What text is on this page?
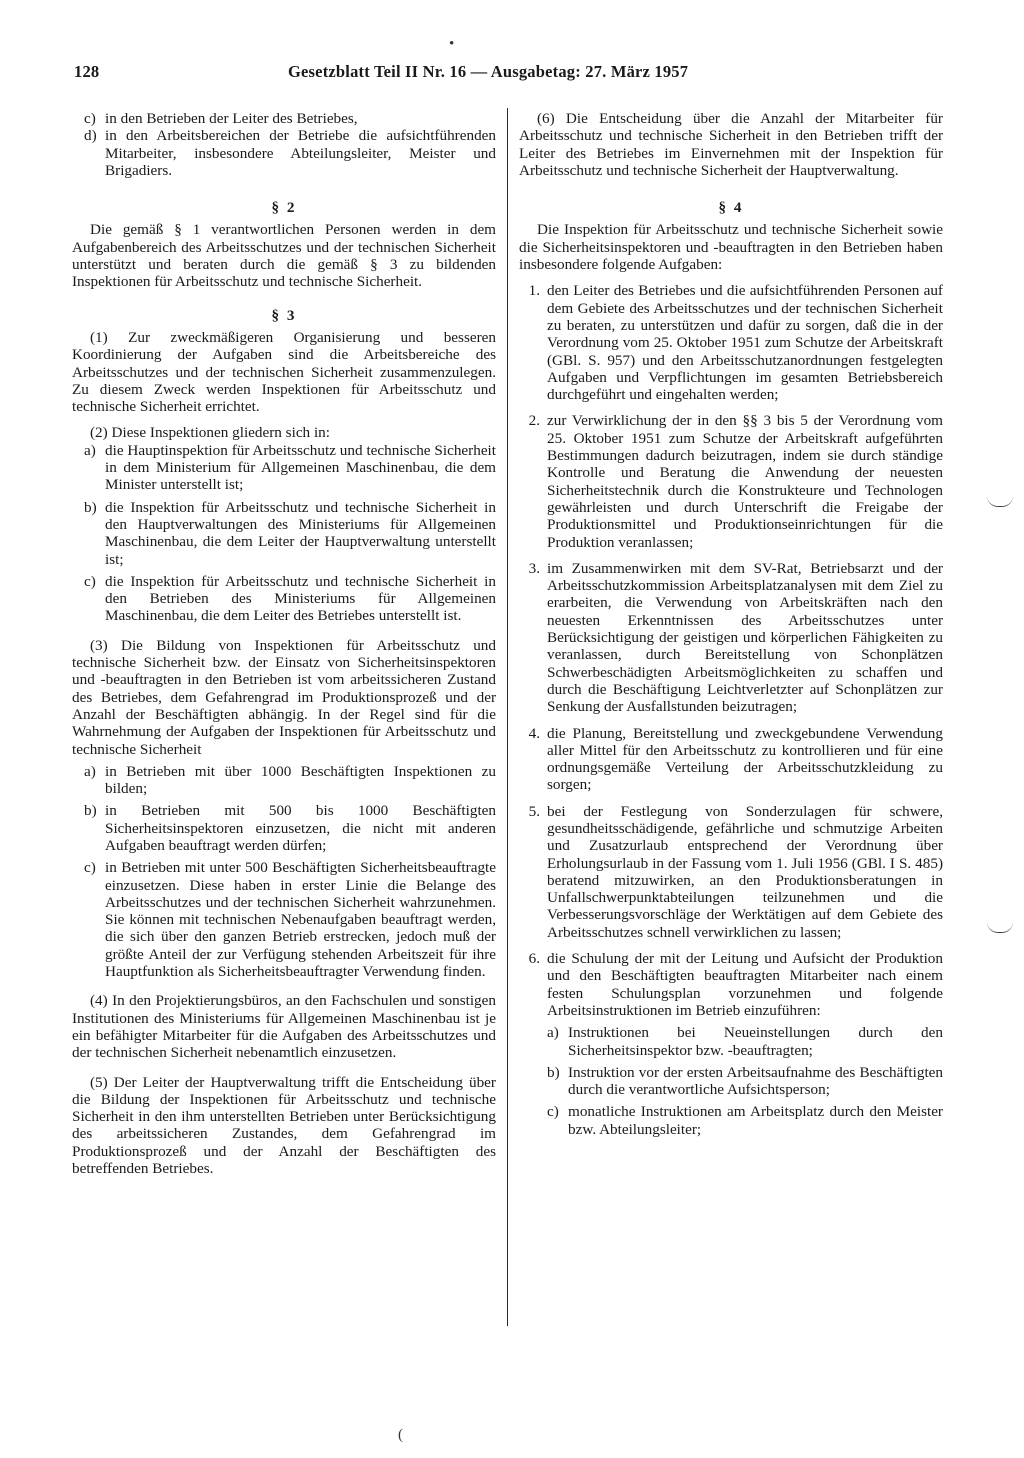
128	Gesetzblatt Teil II Nr. 16 — Ausgabetag: 27. März 1957
•
(
c) in den Betrieben der Leiter des Betriebes,
d) in den Arbeitsbereichen der Betriebe die aufsichtführenden Mitarbeiter, insbesondere Abteilungsleiter, Meister und Brigadiers.

§ 2

Die gemäß § 1 verantwortlichen Personen werden in dem Aufgabenbereich des Arbeitsschutzes und der technischen Sicherheit unterstützt und beraten durch die gemäß § 3 zu bildenden Inspektionen für Arbeitsschutz und technische Sicherheit.

§ 3

(1) Zur zweckmäßigeren Organisierung und besseren Koordinierung der Aufgaben sind die Arbeitsbereiche des Arbeitsschutzes und der technischen Sicherheit zusammenzulegen. Zu diesem Zweck werden Inspektionen für Arbeitsschutz und technische Sicherheit errichtet.

(2) Diese Inspektionen gliedern sich in:

a) die Hauptinspektion für Arbeitsschutz und technische Sicherheit in dem Ministerium für Allgemeinen Maschinenbau, die dem Minister unterstellt ist;
b) die Inspektion für Arbeitsschutz und technische Sicherheit in den Hauptverwaltungen des Ministeriums für Allgemeinen Maschinenbau, die dem Leiter der Hauptverwaltung unterstellt ist;
c) die Inspektion für Arbeitsschutz und technische Sicherheit in den Betrieben des Ministeriums für Allgemeinen Maschinenbau, die dem Leiter des Betriebes unterstellt ist.

(3) Die Bildung von Inspektionen für Arbeitsschutz und technische Sicherheit bzw. der Einsatz von Sicherheitsinspektoren und -beauftragten in den Betrieben ist vom arbeitssicheren Zustand des Betriebes, dem Gefahrengrad im Produktionsprozeß und der Anzahl der Beschäftigten abhängig. In der Regel sind für die Wahrnehmung der Aufgaben der Inspektionen für Arbeitsschutz und technische Sicherheit

a) in Betrieben mit über 1000 Beschäftigten Inspektionen zu bilden;
b) in Betrieben mit 500 bis 1000 Beschäftigten Sicherheitsinspektoren einzusetzen, die nicht mit anderen Aufgaben beauftragt werden dürfen;
c) in Betrieben mit unter 500 Beschäftigten Sicherheitsbeauftragte einzusetzen. Diese haben in erster Linie die Belange des Arbeitsschutzes und der technischen Sicherheit wahrzunehmen. Sie können mit technischen Nebenaufgaben beauftragt werden, die sich über den ganzen Betrieb erstrecken, jedoch muß der größte Anteil der zur Verfügung stehenden Arbeitszeit für ihre Hauptfunktion als Sicherheitsbeauftragter Verwendung finden.

(4) In den Projektierungsbüros, an den Fachschulen und sonstigen Institutionen des Ministeriums für Allgemeinen Maschinenbau ist je ein befähigter Mitarbeiter für die Aufgaben des Arbeitsschutzes und der technischen Sicherheit nebenamtlich einzusetzen.

(5) Der Leiter der Hauptverwaltung trifft die Entscheidung über die Bildung der Inspektionen für Arbeitsschutz und technische Sicherheit in den ihm unterstellten Betrieben unter Berücksichtigung des arbeitssicheren Zustandes, dem Gefahrengrad im Produktionsprozeß und der Anzahl der Beschäftigten des betreffenden Betriebes.

(6) Die Entscheidung über die Anzahl der Mitarbeiter für Arbeitsschutz und technische Sicherheit in den Betrieben trifft der Leiter des Betriebes im Einvernehmen mit der Inspektion für Arbeitsschutz und technische Sicherheit der Hauptverwaltung.

§ 4

Die Inspektion für Arbeitsschutz und technische Sicherheit sowie die Sicherheitsinspektoren und -beauftragten in den Betrieben haben insbesondere folgende Aufgaben:

1. den Leiter des Betriebes und die aufsichtführenden Personen auf dem Gebiete des Arbeitsschutzes und der technischen Sicherheit zu beraten, zu unterstützen und dafür zu sorgen, daß die in der Verordnung vom 25. Oktober 1951 zum Schutze der Arbeitskraft (GBl. S. 957) und den Arbeitsschutzanordnungen festgelegten Aufgaben und Verpflichtungen im gesamten Betriebsbereich durchgeführt und eingehalten werden;
2. zur Verwirklichung der in den §§ 3 bis 5 der Verordnung vom 25. Oktober 1951 zum Schutze der Arbeitskraft aufgeführten Bestimmungen dadurch beizutragen, indem sie durch ständige Kontrolle und Beratung die Anwendung der neuesten Sicherheitstechnik durch die Konstrukteure und Technologen gewährleisten und durch Unterschrift die Freigabe der Produktionsmittel und Produktionseinrichtungen für die Produktion veranlassen;
3. im Zusammenwirken mit dem SV-Rat, Betriebsarzt und der Arbeitsschutzkommission Arbeitsplatzanalysen mit dem Ziel zu erarbeiten, die Verwendung von Arbeitskräften nach den neuesten Erkenntnissen des Arbeitsschutzes unter Berücksichtigung der geistigen und körperlichen Fähigkeiten zu veranlassen, durch Bereitstellung von Schonplätzen Schwerbeschädigten Arbeitsmöglichkeiten zu schaffen und durch die Beschäftigung Leichtverletzter auf Schonplätzen zur Senkung der Ausfallstunden beizutragen;
4. die Planung, Bereitstellung und zweckgebundene Verwendung aller Mittel für den Arbeitsschutz zu kontrollieren und für eine ordnungsgemäße Verteilung der Arbeitsschutzkleidung zu sorgen;
5. bei der Festlegung von Sonderzulagen für schwere, gesundheitsschädigende, gefährliche und schmutzige Arbeiten und Zusatzurlaub entsprechend der Verordnung über Erholungsurlaub in der Fassung vom 1. Juli 1956 (GBl. I S. 485) beratend mitzuwirken, an den Produktionsberatungen in Unfallschwerpunktabteilungen teilzunehmen und die Verbesserungsvorschläge der Werktätigen auf dem Gebiete des Arbeitsschutzes schnell verwirklichen zu lassen;
6. die Schulung der mit der Leitung und Aufsicht der Produktion und den Beschäftigten beauftragten Mitarbeiter nach einem festen Schulungsplan vorzunehmen und folgende Arbeitsinstruktionen im Betrieb einzuführen:
a) Instruktionen bei Neueinstellungen durch den Sicherheitsinspektor bzw. -beauftragten;
b) Instruktion vor der ersten Arbeitsaufnahme des Beschäftigten durch die verantwortliche Aufsichtsperson;
c) monatliche Instruktionen am Arbeitsplatz durch den Meister bzw. Abteilungsleiter;
